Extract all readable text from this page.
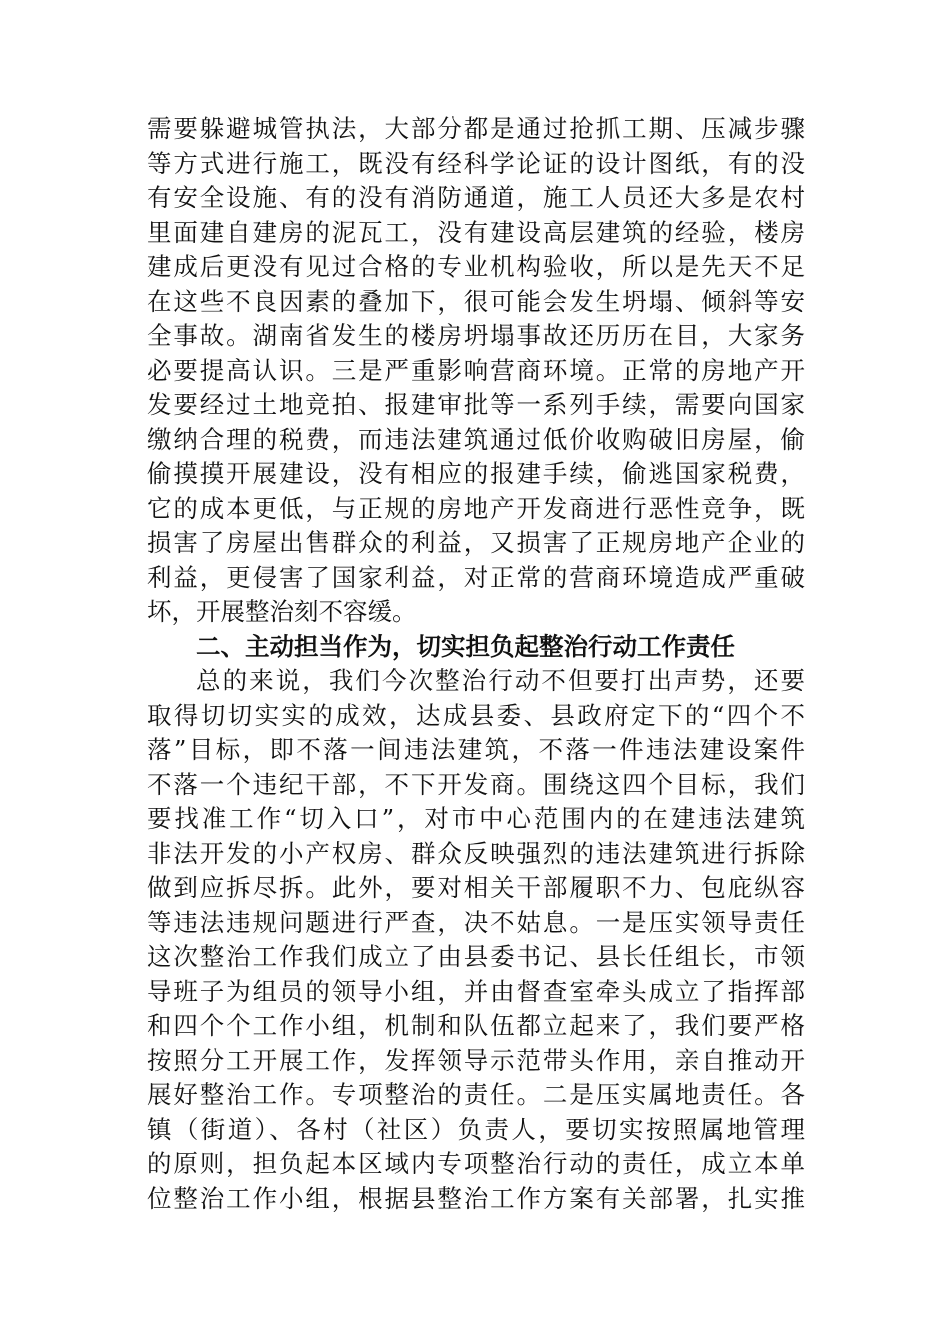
需要躲避城管执法，大部分都是通过抢抓工期、压减步骤
等方式进行施工，既没有经科学论证的设计图纸，有的没
有安全设施、有的没有消防通道，施工人员还大多是农村
里面建自建房的泥瓦工，没有建设高层建筑的经验，楼房
建成后更没有见过合格的专业机构验收，所以是先天不足
在这些不良因素的叠加下，很可能会发生坍塌、倾斜等安
全事故。湖南省发生的楼房坍塌事故还历历在目，大家务
必要提高认识。三是严重影响营商环境。正常的房地产开
发要经过土地竞拍、报建审批等一系列手续，需要向国家
缴纳合理的税费，而违法建筑通过低价收购破旧房屋，偷
偷摸摸开展建设，没有相应的报建手续，偷逃国家税费，
它的成本更低，与正规的房地产开发商进行恶性竞争，既
损害了房屋出售群众的利益，又损害了正规房地产企业的
利益，更侵害了国家利益，对正常的营商环境造成严重破
坏，开展整治刻不容缓。
二、主动担当作为，切实担负起整治行动工作责任
总的来说，我们今次整治行动不但要打出声势，还要
取得切切实实的成效，达成县委、县政府定下的“四个不
落”目标，即不落一间违法建筑，不落一件违法建设案件
不落一个违纪干部，不下开发商。围绕这四个目标，我们
要找准工作“切入口”，对市中心范围内的在建违法建筑
非法开发的小产权房、群众反映强烈的违法建筑进行拆除
做到应拆尽拆。此外，要对相关干部履职不力、包庇纵容
等违法违规问题进行严查，决不姑息。一是压实领导责任
这次整治工作我们成立了由县委书记、县长任组长，市领
导班子为组员的领导小组，并由督查室牵头成立了指挥部
和四个个工作小组，机制和队伍都立起来了，我们要严格
按照分工开展工作，发挥领导示范带头作用，亲自推动开
展好整治工作。专项整治的责任。二是压实属地责任。各
镇（街道）、各村（社区）负责人，要切实按照属地管理
的原则，担负起本区域内专项整治行动的责任，成立本单
位整治工作小组，根据县整治工作方案有关部署，扎实推
